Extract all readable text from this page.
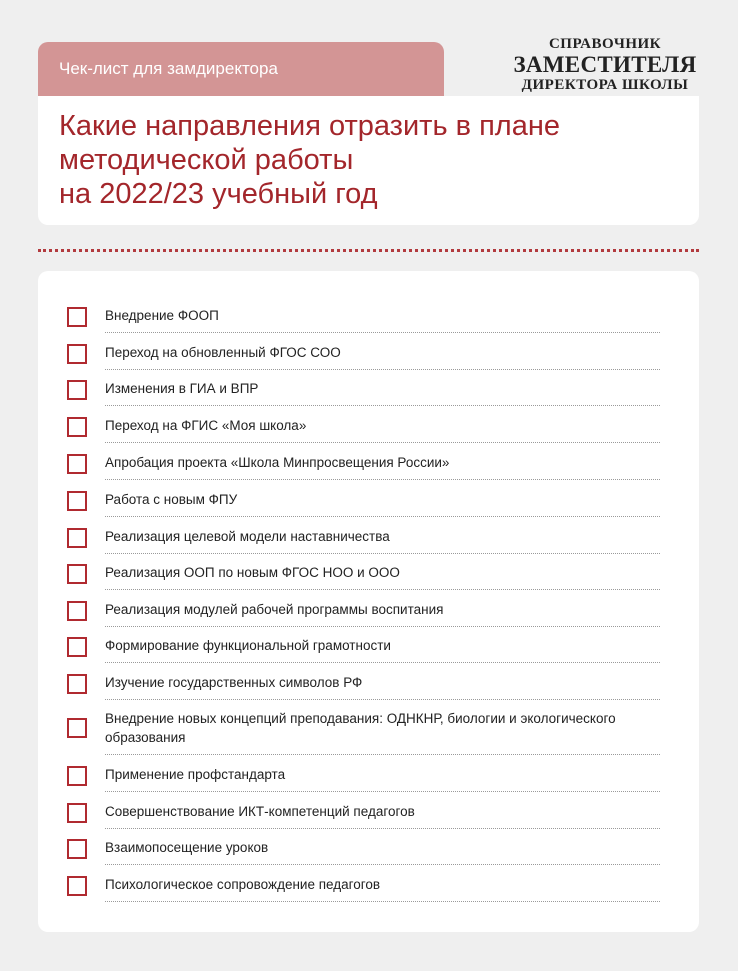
Чек-лист для замдиректора
СПРАВОЧНИК
ЗАМЕСТИТЕЛЯ
ДИРЕКТОРА ШКОЛЫ
Какие направления отразить в плане
методической работы
на 2022/23 учебный год
Внедрение ФООП
Переход на обновленный ФГОС СОО
Изменения в ГИА и ВПР
Переход на ФГИС «Моя школа»
Апробация проекта «Школа Минпросвещения России»
Работа с новым ФПУ
Реализация целевой модели наставничества
Реализация ООП по новым ФГОС НОО и ООО
Реализация модулей рабочей программы воспитания
Формирование функциональной грамотности
Изучение государственных символов РФ
Внедрение новых концепций преподавания: ОДНКНР, биологии и экологического образования
Применение профстандарта
Совершенствование ИКТ-компетенций педагогов
Взаимопосещение уроков
Психологическое сопровождение педагогов
